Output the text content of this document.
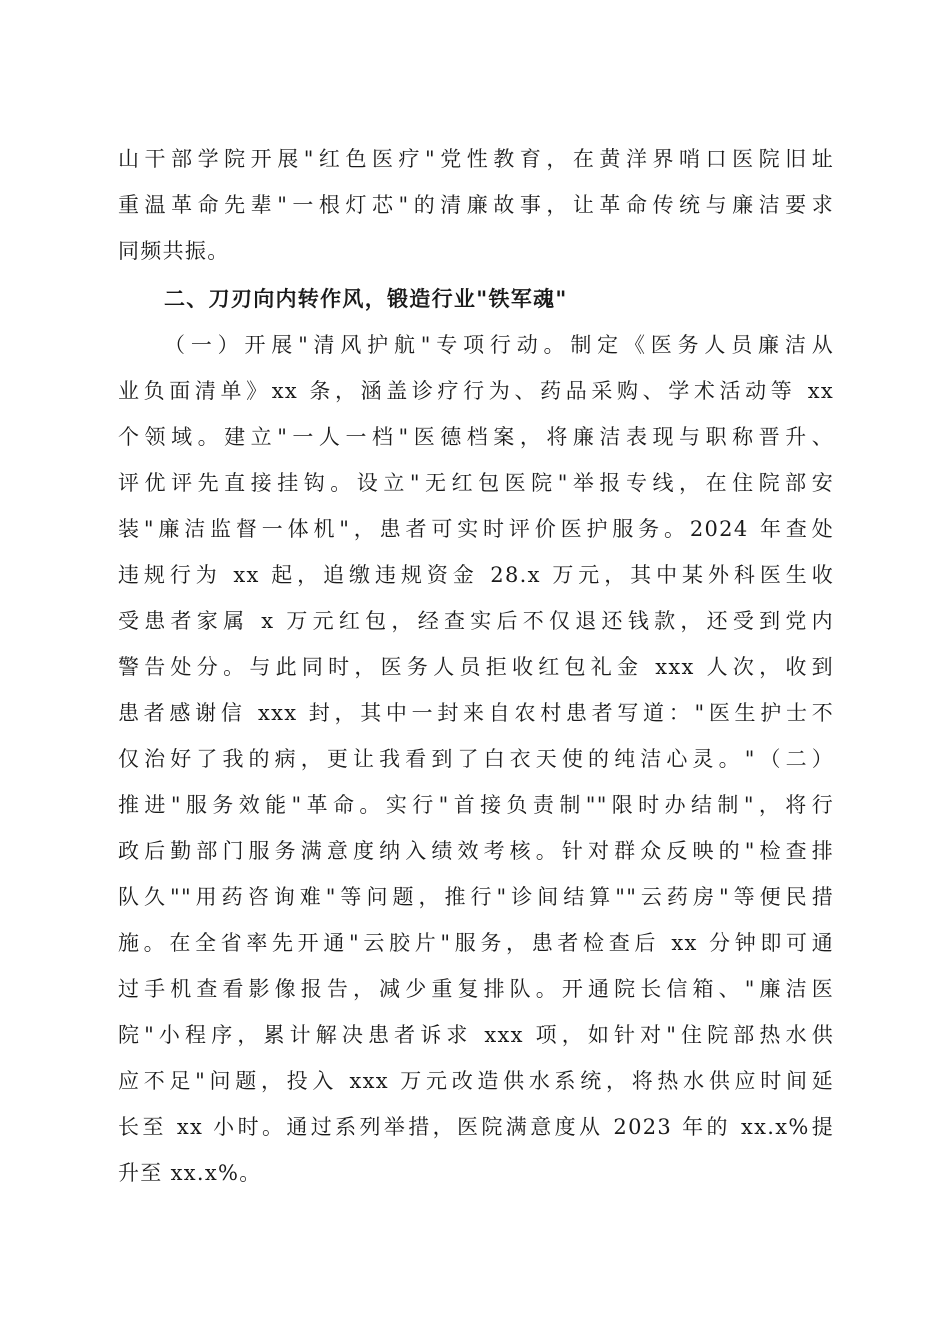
山干部学院开展"红色医疗"党性教育，在黄洋界哨口医院旧址
重温革命先辈"一根灯芯"的清廉故事，让革命传统与廉洁要求
同频共振。
二、刀刃向内转作风，锻造行业"铁军魂"
（一）开展"清风护航"专项行动。制定《医务人员廉洁从
业负面清单》xx 条，涵盖诊疗行为、药品采购、学术活动等 xx
个领域。建立"一人一档"医德档案，将廉洁表现与职称晋升、
评优评先直接挂钩。设立"无红包医院"举报专线，在住院部安
装"廉洁监督一体机"，患者可实时评价医护服务。2024 年查处
违规行为 xx 起，追缴违规资金 28.x 万元，其中某外科医生收
受患者家属 x 万元红包，经查实后不仅退还钱款，还受到党内
警告处分。与此同时，医务人员拒收红包礼金 xxx 人次，收到
患者感谢信 xxx 封，其中一封来自农村患者写道："医生护士不
仅治好了我的病，更让我看到了白衣天使的纯洁心灵。"（二）
推进"服务效能"革命。实行"首接负责制""限时办结制"，将行
政后勤部门服务满意度纳入绩效考核。针对群众反映的"检查排
队久""用药咨询难"等问题，推行"诊间结算""云药房"等便民措
施。在全省率先开通"云胶片"服务，患者检查后 xx 分钟即可通
过手机查看影像报告，减少重复排队。开通院长信箱、"廉洁医
院"小程序，累计解决患者诉求 xxx 项，如针对"住院部热水供
应不足"问题，投入 xxx 万元改造供水系统，将热水供应时间延
长至 xx 小时。通过系列举措，医院满意度从 2023 年的 xx.x%提
升至 xx.x%。
